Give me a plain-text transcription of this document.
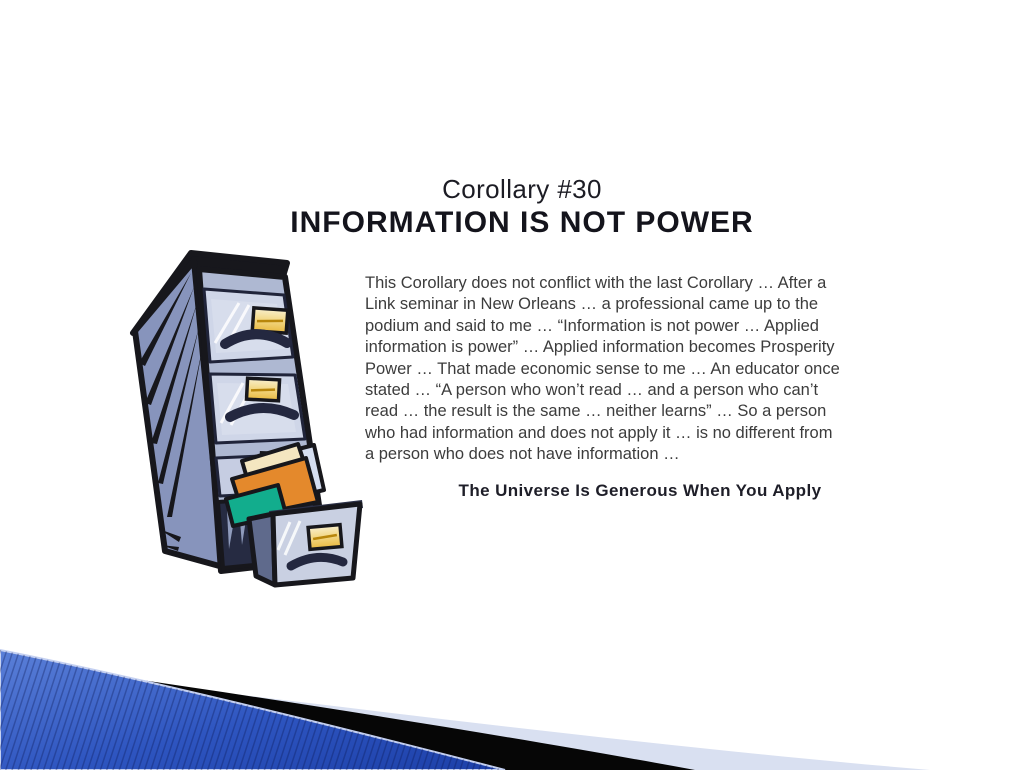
Corollary #30
INFORMATION IS NOT POWER
This Corollary does not conflict with the last Corollary … After a
Link seminar in New Orleans … a professional came up to the
podium and said to me … “Information is not power … Applied
information is power” … Applied information becomes Prosperity
Power … That made economic sense to me … An educator once
stated … “A person who won’t read … and a person who can’t
read … the result is the same … neither learns” … So a person
who had information and does not apply it … is no different from
a person who does not have information …
The Universe Is Generous When You Apply
